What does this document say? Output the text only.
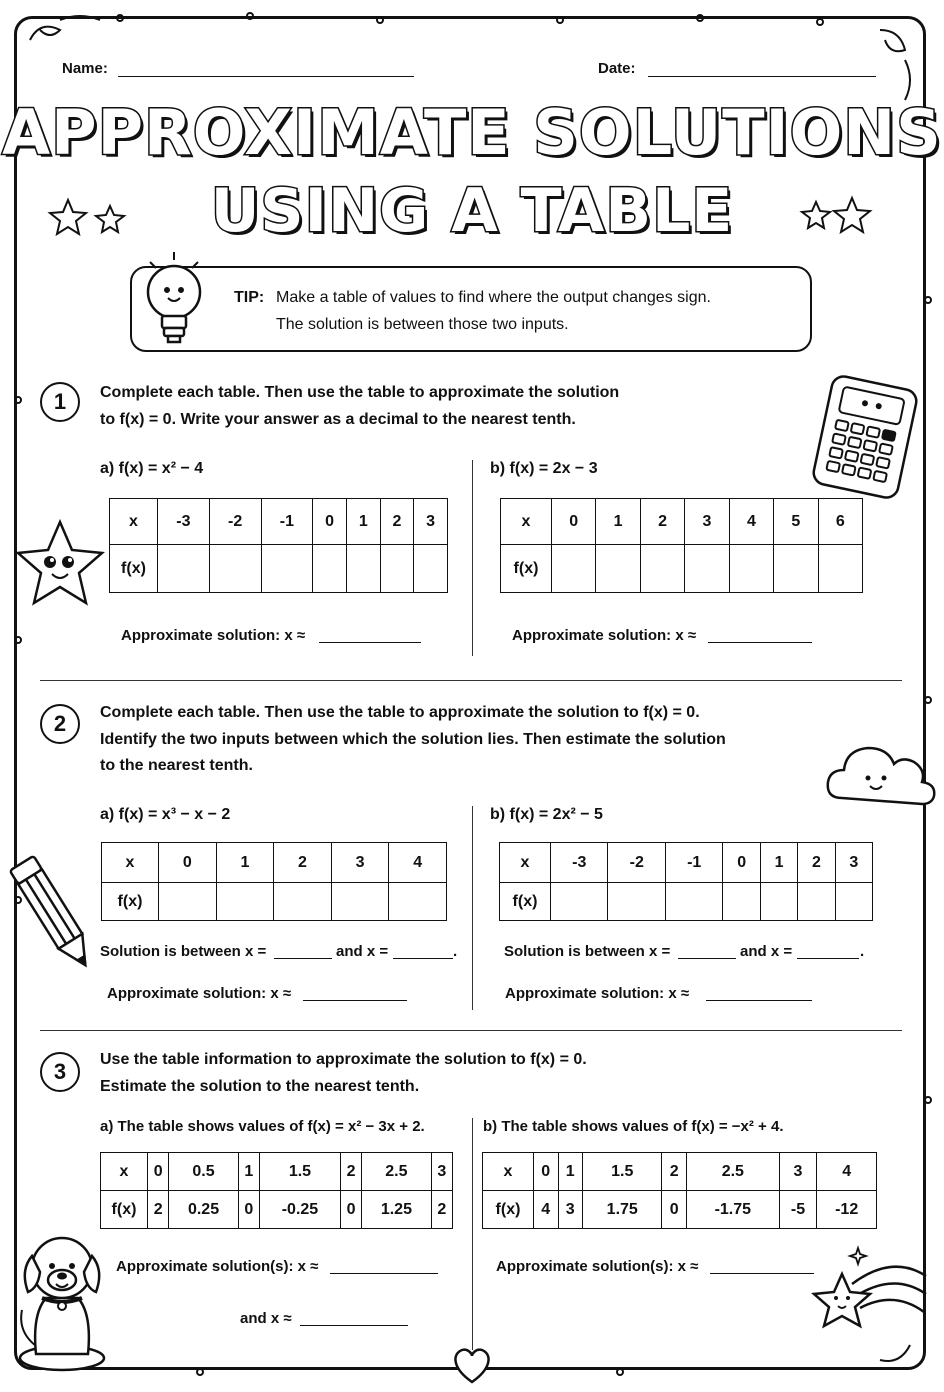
Name:	Date:
APPROXIMATE SOLUTIONS
USING A TABLE
TIP: Make a table of values to find where the output changes sign.
The solution is between those two inputs.
1	Complete each table. Then use the table to approximate the solution
to f(x) = 0. Write your answer as a decimal to the nearest tenth.
a) f(x) = x² − 4	b) f(x) = 2x − 3
x	-3	-2	-1	0	1	2	3
f(x)							
x	0	1	2	3	4	5	6
f(x)							
Approximate solution: x ≈	Approximate solution: x ≈
2	Complete each table. Then use the table to approximate the solution to f(x) = 0.
Identify the two inputs between which the solution lies. Then estimate the solution
to the nearest tenth.
a) f(x) = x³ − x − 2	b) f(x) = 2x² − 5
x	0	1	2	3	4
f(x)					
x	-3	-2	-1	0	1	2	3
f(x)							
Solution is between x =	and x =	.	Solution is between x =	and x =	.
Approximate solution: x ≈	Approximate solution: x ≈
3	Use the table information to approximate the solution to f(x) = 0.
Estimate the solution to the nearest tenth.
a) The table shows values of f(x) = x² − 3x + 2.	b) The table shows values of f(x) = −x² + 4.
x	0	0.5	1	1.5	2	2.5	3
f(x)	2	0.25	0	-0.25	0	1.25	2
x	0	1	1.5	2	2.5	3	4
f(x)	4	3	1.75	0	-1.75	-5	-12
Approximate solution(s): x ≈
and x ≈
Approximate solution(s): x ≈
